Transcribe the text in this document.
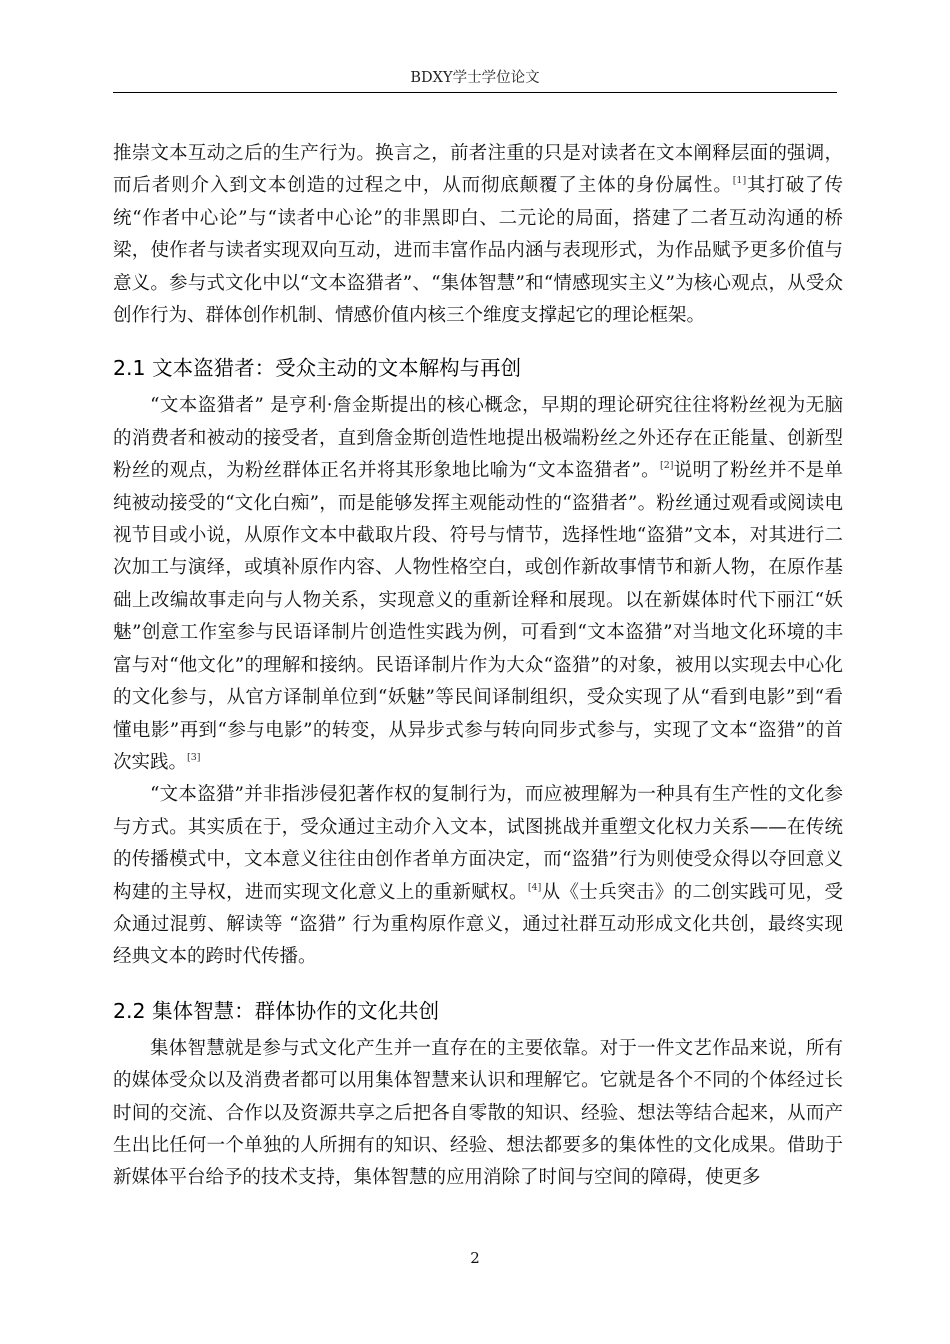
BDXY学士学位论文

推崇文本互动之后的生产行为。换言之，前者注重的只是对读者在文本阐释层面的强调，而后者则介入到文本创造的过程之中，从而彻底颠覆了主体的身份属性。[1]其打破了传统“作者中心论”与“读者中心论”的非黑即白、二元论的局面，搭建了二者互动沟通的桥梁，使作者与读者实现双向互动，进而丰富作品内涵与表现形式，为作品赋予更多价值与意义。参与式文化中以“文本盗猎者”、“集体智慧”和“情感现实主义”为核心观点，从受众创作行为、群体创作机制、情感价值内核三个维度支撑起它的理论框架。

2.1 文本盗猎者：受众主动的文本解构与再创

“文本盗猎者” 是亨利·詹金斯提出的核心概念，早期的理论研究往往将粉丝视为无脑的消费者和被动的接受者，直到詹金斯创造性地提出极端粉丝之外还存在正能量、创新型粉丝的观点，为粉丝群体正名并将其形象地比喻为“文本盗猎者”。[2]说明了粉丝并不是单纯被动接受的“文化白痴”，而是能够发挥主观能动性的“盗猎者”。粉丝通过观看或阅读电视节目或小说，从原作文本中截取片段、符号与情节，选择性地“盗猎”文本，对其进行二次加工与演绎，或填补原作内容、人物性格空白，或创作新故事情节和新人物，在原作基础上改编故事走向与人物关系，实现意义的重新诠释和展现。以在新媒体时代下丽江“妖魅”创意工作室参与民语译制片创造性实践为例，可看到“文本盗猎”对当地文化环境的丰富与对“他文化”的理解和接纳。民语译制片作为大众“盗猎”的对象，被用以实现去中心化的文化参与，从官方译制单位到“妖魅”等民间译制组织，受众实现了从“看到电影”到“看懂电影”再到“参与电影”的转变，从异步式参与转向同步式参与，实现了文本“盗猎”的首次实践。[3]

“文本盗猎”并非指涉侵犯著作权的复制行为，而应被理解为一种具有生产性的文化参与方式。其实质在于，受众通过主动介入文本，试图挑战并重塑文化权力关系——在传统的传播模式中，文本意义往往由创作者单方面决定，而“盗猎”行为则使受众得以夺回意义构建的主导权，进而实现文化意义上的重新赋权。[4]从《士兵突击》的二创实践可见，受众通过混剪、解读等 “盗猎” 行为重构原作意义，通过社群互动形成文化共创，最终实现经典文本的跨时代传播。

2.2 集体智慧：群体协作的文化共创

集体智慧就是参与式文化产生并一直存在的主要依靠。对于一件文艺作品来说，所有的媒体受众以及消费者都可以用集体智慧来认识和理解它。它就是各个不同的个体经过长时间的交流、合作以及资源共享之后把各自零散的知识、经验、想法等结合起来，从而产生出比任何一个单独的人所拥有的知识、经验、想法都要多的集体性的文化成果。借助于新媒体平台给予的技术支持，集体智慧的应用消除了时间与空间的障碍，使更多

2
